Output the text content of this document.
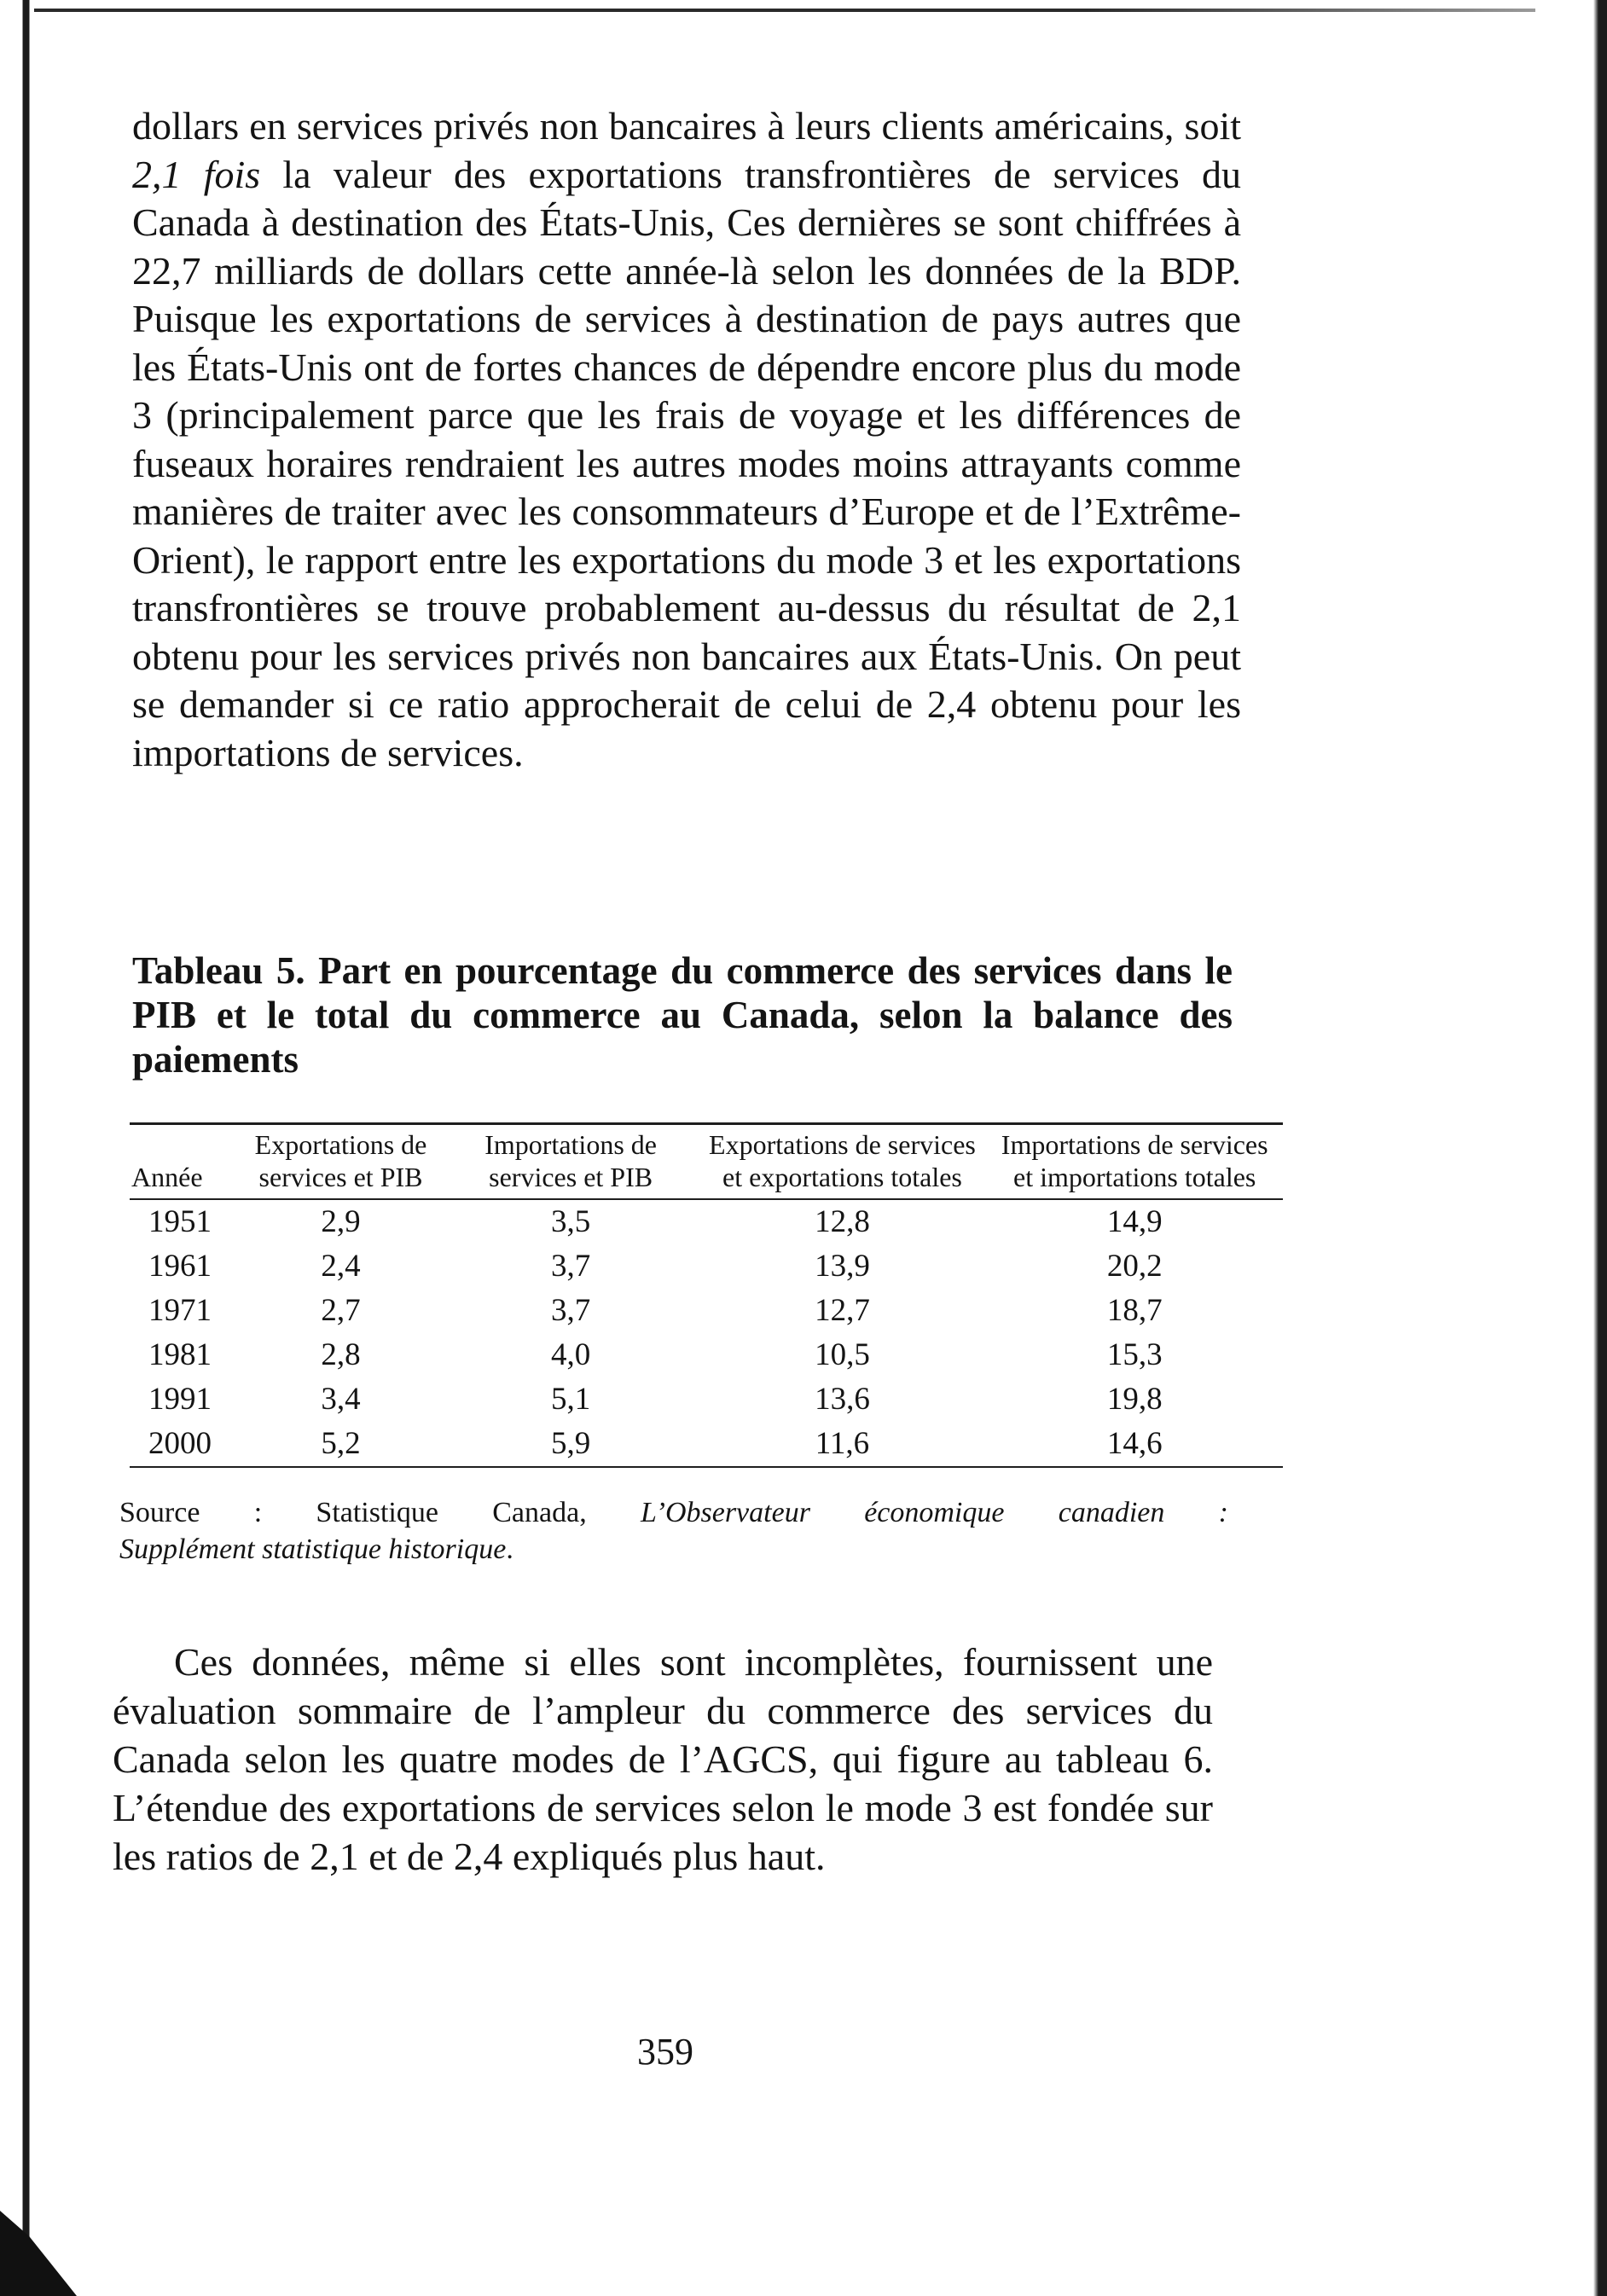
dollars en services privés non bancaires à leurs clients américains, soit 2,1 fois la valeur des exportations transfrontières de services du Canada à destination des États-Unis, Ces dernières se sont chiffrées à 22,7 milliards de dollars cette année-là selon les données de la BDP. Puisque les exportations de services à destination de pays autres que les États-Unis ont de fortes chances de dépendre encore plus du mode 3 (principalement parce que les frais de voyage et les différences de fuseaux horaires rendraient les autres modes moins attrayants comme manières de traiter avec les consommateurs d’Europe et de l’Extrême-Orient), le rapport entre les exportations du mode 3 et les exportations transfrontières se trouve probablement au-dessus du résultat de 2,1 obtenu pour les services privés non bancaires aux États-Unis. On peut se demander si ce ratio approcherait de celui de 2,4 obtenu pour les importations de services.

Tableau 5. Part en pourcentage du commerce des services dans le PIB et le total du commerce au Canada, selon la balance des paiements

Année	Exportations de services et PIB	Importations de services et PIB	Exportations de services et exportations totales	Importations de services et importations totales
1951	2,9	3,5	12,8	14,9
1961	2,4	3,7	13,9	20,2
1971	2,7	3,7	12,7	18,7
1981	2,8	4,0	10,5	15,3
1991	3,4	5,1	13,6	19,8
2000	5,2	5,9	11,6	14,6

Source : Statistique Canada, L’Observateur économique canadien :
Supplément statistique historique.

Ces données, même si elles sont incomplètes, fournissent une évaluation sommaire de l’ampleur du commerce des services du Canada selon les quatre modes de l’AGCS, qui figure au tableau 6. L’étendue des exportations de services selon le mode 3 est fondée sur les ratios de 2,1 et de 2,4 expliqués plus haut.

359
